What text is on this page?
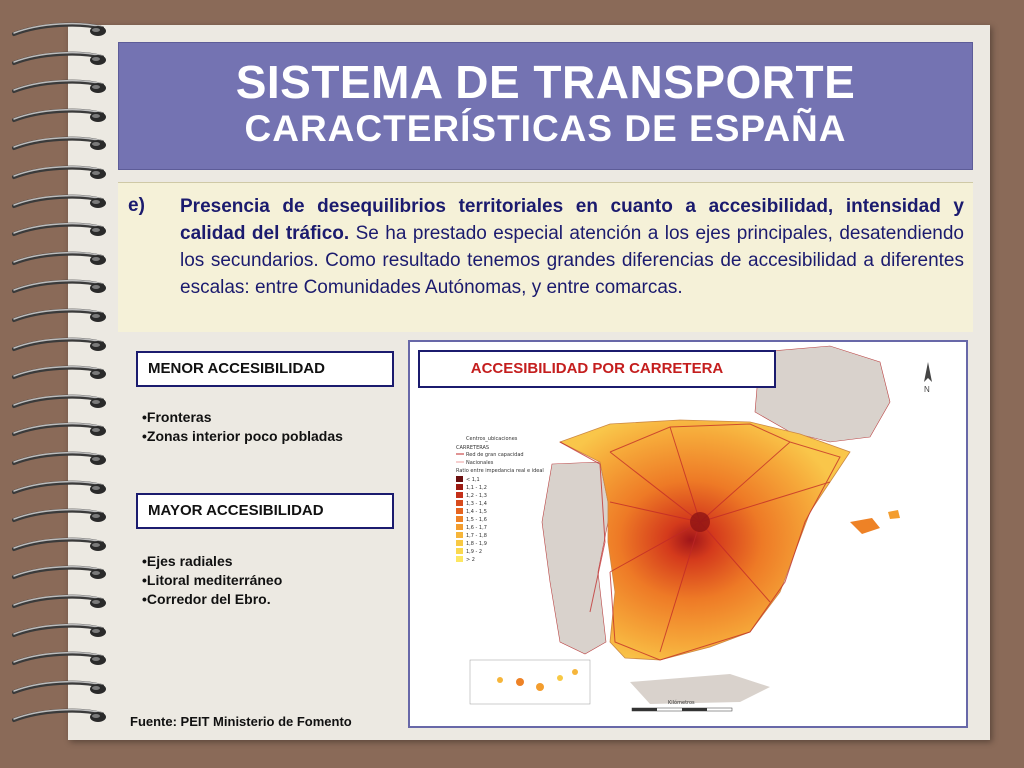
SISTEMA DE TRANSPORTE
CARACTERÍSTICAS DE ESPAÑA
e) Presencia de desequilibrios territoriales en cuanto a accesibilidad, intensidad y calidad del tráfico. Se ha prestado especial atención a los ejes principales, desatendiendo los secundarios. Como resultado tenemos grandes diferencias de accesibilidad a diferentes escalas: entre Comunidades Autónomas, y entre comarcas.
MENOR ACCESIBILIDAD
•Fronteras
•Zonas interior poco pobladas
MAYOR ACCESIBILIDAD
•Ejes radiales
•Litoral mediterráneo
•Corredor del Ebro.
N
Centros_ubicaciones
CARRETERAS
Red de gran capacidad
Nacionales
Ratio entre impedancia real e ideal
< 1,1
1,1 - 1,2
1,2 - 1,3
1,3 - 1,4
1,4 - 1,5
1,5 - 1,6
1,6 - 1,7
1,7 - 1,8
1,8 - 1,9
1,9 - 2
> 2
Kilómetros
ACCESIBILIDAD POR CARRETERA
Fuente: PEIT Ministerio de Fomento
